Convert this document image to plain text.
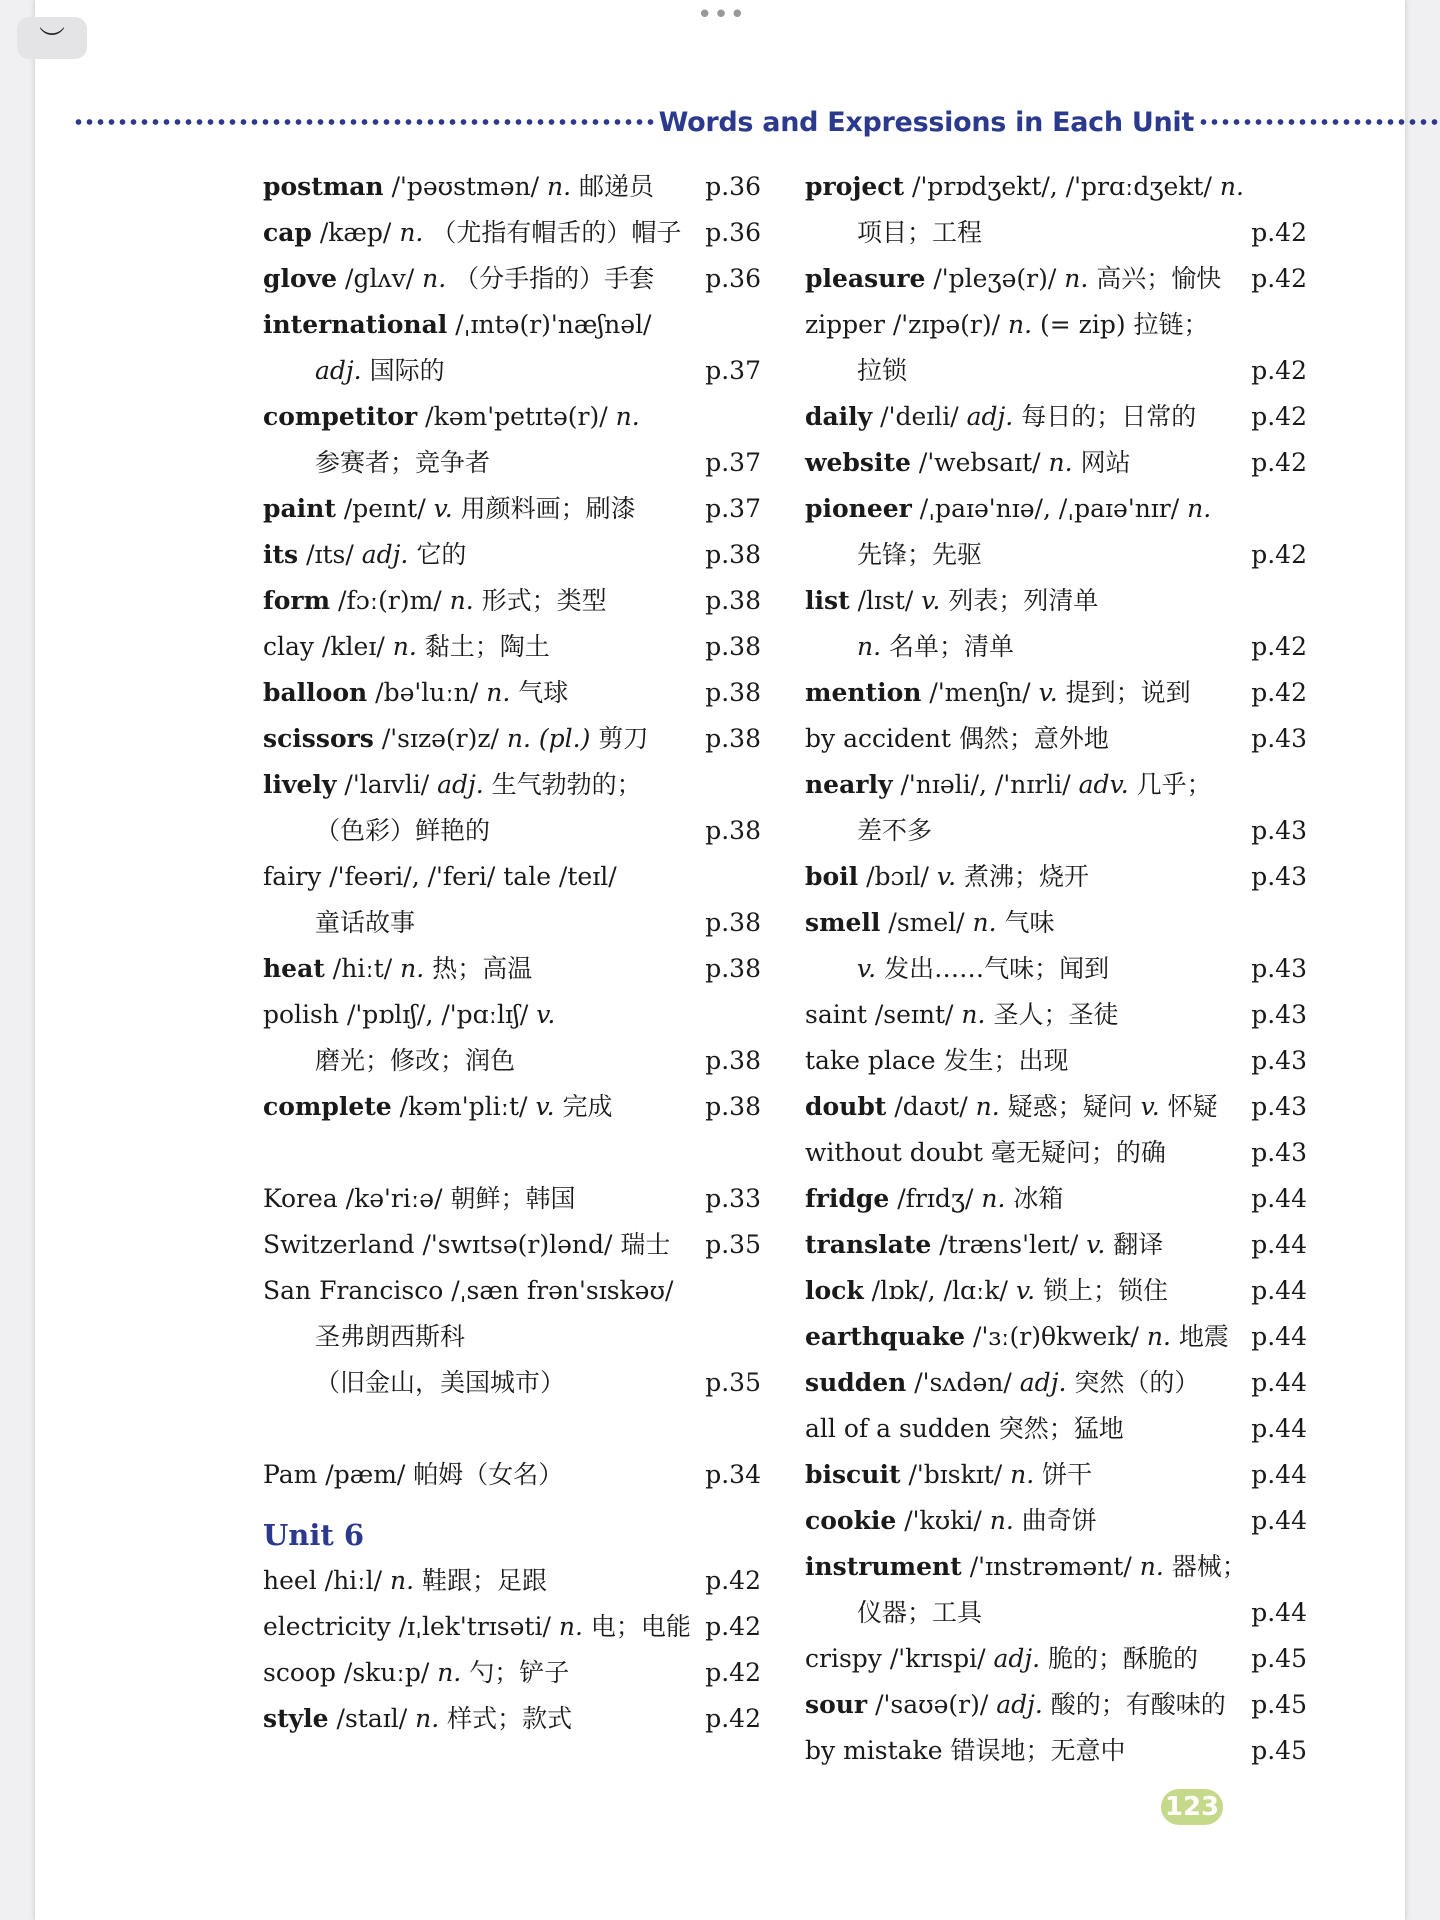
Words and Expressions in Each Unit
postman /'pəʊstmən/ n. 邮递员 p.36
cap /kæp/ n. （尤指有帽舌的）帽子 p.36
glove /glʌv/ n. （分手指的）手套 p.36
international /ˌɪntə(r)'næʃnəl/
adj. 国际的	p.37
competitor /kəm'petɪtə(r)/ n.
参赛者；竞争者	p.37
paint /peɪnt/ v. 用颜料画；刷漆	p.37
its /ɪts/ adj. 它的	p.38
form /fɔː(r)m/ n. 形式；类型	p.38
clay /kleɪ/ n. 黏土；陶土	p.38
balloon /bə'luːn/ n. 气球	p.38
scissors /'sɪzə(r)z/ n. (pl.) 剪刀 p.38
lively /'laɪvli/ adj. 生气勃勃的；
（色彩）鲜艳的	p.38
fairy /'feəri/, /'feri/ tale /teɪl/
童话故事	p.38
heat /hiːt/ n. 热；高温	p.38
polish /'pɒlɪʃ/, /'pɑːlɪʃ/ v.
磨光；修改；润色	p.38
complete /kəm'pliːt/ v. 完成	p.38
Korea /kə'riːə/ 朝鲜；韩国	p.33
Switzerland /'swɪtsə(r)lənd/ 瑞士 p.35
San Francisco /ˌsæn frən'sɪskəʊ/
圣弗朗西斯科
（旧金山，美国城市）	p.35
Pam /pæm/ 帕姆（女名）	p.34
Unit 6
heel /hiːl/ n. 鞋跟；足跟	p.42
electricity /ɪˌlek'trɪsəti/ n. 电；电能 p.42
scoop /skuːp/ n. 勺；铲子	p.42
style /staɪl/ n. 样式；款式	p.42
project /'prɒdʒekt/, /'prɑːdʒekt/ n.
项目；工程	p.42
pleasure /'pleʒə(r)/ n. 高兴；愉快 p.42
zipper /'zɪpə(r)/ n. (= zip) 拉链；
拉锁	p.42
daily /'deɪli/ adj. 每日的；日常的 p.42
website /'websaɪt/ n. 网站	p.42
pioneer /ˌpaɪə'nɪə/, /ˌpaɪə'nɪr/ n.
先锋；先驱	p.42
list /lɪst/ v. 列表；列清单
n. 名单；清单	p.42
mention /'menʃn/ v. 提到；说到 p.42
by accident 偶然；意外地	p.43
nearly /'nɪəli/, /'nɪrli/ adv. 几乎；
差不多	p.43
boil /bɔɪl/ v. 煮沸；烧开	p.43
smell /smel/ n. 气味
v. 发出……气味；闻到	p.43
saint /seɪnt/ n. 圣人；圣徒	p.43
take place 发生；出现	p.43
doubt /daʊt/ n. 疑惑；疑问 v. 怀疑 p.43
without doubt 毫无疑问；的确	p.43
fridge /frɪdʒ/ n. 冰箱	p.44
translate /træns'leɪt/ v. 翻译	p.44
lock /lɒk/, /lɑːk/ v. 锁上；锁住	p.44
earthquake /'ɜː(r)θkweɪk/ n. 地震 p.44
sudden /'sʌdən/ adj. 突然（的） p.44
all of a sudden 突然；猛地	p.44
biscuit /'bɪskɪt/ n. 饼干	p.44
cookie /'kʊki/ n. 曲奇饼	p.44
instrument /'ɪnstrəmənt/ n. 器械；
仪器；工具	p.44
crispy /'krɪspi/ adj. 脆的；酥脆的 p.45
sour /'saʊə(r)/ adj. 酸的；有酸味的 p.45
by mistake 错误地；无意中	p.45
123
︶
•••
